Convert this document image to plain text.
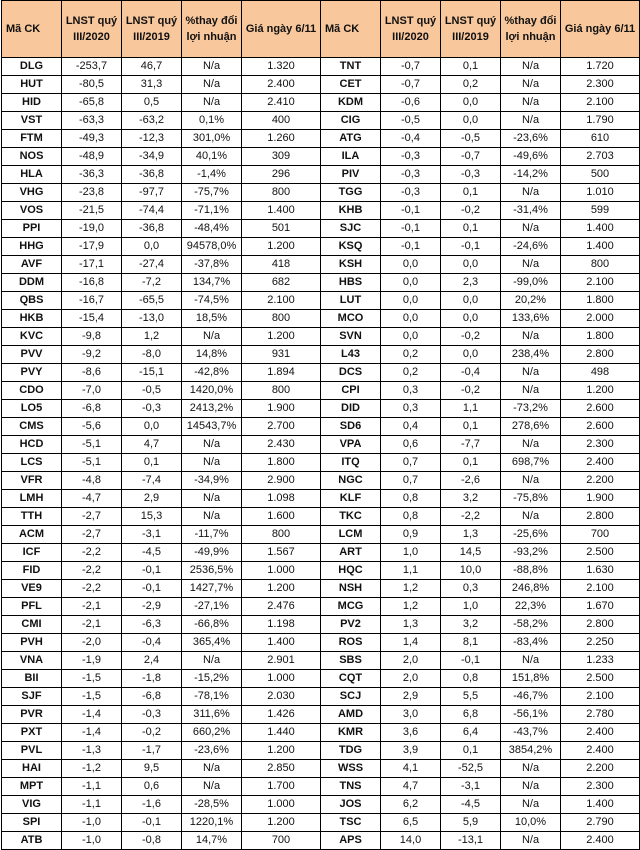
Mã CK	LNST quý III/2020	LNST quý III/2019	%thay đổi lợi nhuận	Giá ngày 6/11	Mã CK	LNST quý III/2020	LNST quý III/2019	%thay đổi lợi nhuận	Giá ngày 6/11
DLG	-253,7	46,7	N/a	1.320	TNT	-0,7	0,1	N/a	1.720
HUT	-80,5	31,3	N/a	2.400	CET	-0,7	0,2	N/a	2.300
HID	-65,8	0,5	N/a	2.410	KDM	-0,6	0,0	N/a	2.100
VST	-63,3	-63,2	0,1%	400	CIG	-0,5	0,0	N/a	1.790
FTM	-49,3	-12,3	301,0%	1.260	ATG	-0,4	-0,5	-23,6%	610
NOS	-48,9	-34,9	40,1%	309	ILA	-0,3	-0,7	-49,6%	2.703
HLA	-36,3	-36,8	-1,4%	296	PIV	-0,3	-0,3	-14,2%	500
VHG	-23,8	-97,7	-75,7%	800	TGG	-0,3	0,1	N/a	1.010
VOS	-21,5	-74,4	-71,1%	1.400	KHB	-0,1	-0,2	-31,4%	599
PPI	-19,0	-36,8	-48,4%	501	SJC	-0,1	0,1	N/a	1.400
HHG	-17,9	0,0	94578,0%	1.200	KSQ	-0,1	-0,1	-24,6%	1.400
AVF	-17,1	-27,4	-37,8%	418	KSH	0,0	0,0	N/a	800
DDM	-16,8	-7,2	134,7%	682	HBS	0,0	2,3	-99,0%	2.100
QBS	-16,7	-65,5	-74,5%	2.100	LUT	0,0	0,0	20,2%	1.800
HKB	-15,4	-13,0	18,5%	800	MCO	0,0	0,0	133,6%	2.000
KVC	-9,8	1,2	N/a	1.200	SVN	0,0	-0,2	N/a	1.800
PVV	-9,2	-8,0	14,8%	931	L43	0,2	0,0	238,4%	2.800
PVY	-8,6	-15,1	-42,8%	1.894	DCS	0,2	-0,4	N/a	498
CDO	-7,0	-0,5	1420,0%	800	CPI	0,3	-0,2	N/a	1.200
LO5	-6,8	-0,3	2413,2%	1.900	DID	0,3	1,1	-73,2%	2.600
CMS	-5,6	0,0	14543,7%	2.700	SD6	0,4	0,1	278,6%	2.600
HCD	-5,1	4,7	N/a	2.430	VPA	0,6	-7,7	N/a	2.300
LCS	-5,1	0,1	N/a	1.800	ITQ	0,7	0,1	698,7%	2.400
VFR	-4,8	-7,4	-34,9%	2.900	NGC	0,7	-2,6	N/a	2.200
LMH	-4,7	2,9	N/a	1.098	KLF	0,8	3,2	-75,8%	1.900
TTH	-2,7	15,3	N/a	1.600	TKC	0,8	-2,2	N/a	2.800
ACM	-2,7	-3,1	-11,7%	800	LCM	0,9	1,3	-25,6%	700
ICF	-2,2	-4,5	-49,9%	1.567	ART	1,0	14,5	-93,2%	2.500
FID	-2,2	-0,1	2536,5%	1.000	HQC	1,1	10,0	-88,8%	1.630
VE9	-2,2	-0,1	1427,7%	1.200	NSH	1,2	0,3	246,8%	2.100
PFL	-2,1	-2,9	-27,1%	2.476	MCG	1,2	1,0	22,3%	1.670
CMI	-2,1	-6,3	-66,8%	1.198	PV2	1,3	3,2	-58,2%	2.800
PVH	-2,0	-0,4	365,4%	1.400	ROS	1,4	8,1	-83,4%	2.250
VNA	-1,9	2,4	N/a	2.901	SBS	2,0	-0,1	N/a	1.233
BII	-1,5	-1,8	-15,2%	1.000	CQT	2,0	0,8	151,8%	2.500
SJF	-1,5	-6,8	-78,1%	2.030	SCJ	2,9	5,5	-46,7%	2.100
PVR	-1,4	-0,3	311,6%	1.426	AMD	3,0	6,8	-56,1%	2.780
PXT	-1,4	-0,2	660,2%	1.440	KMR	3,6	6,4	-43,7%	2.400
PVL	-1,3	-1,7	-23,6%	1.200	TDG	3,9	0,1	3854,2%	2.400
HAI	-1,2	9,5	N/a	2.850	WSS	4,1	-52,5	N/a	2.200
MPT	-1,1	0,6	N/a	1.700	TNS	4,7	-3,1	N/a	2.300
VIG	-1,1	-1,6	-28,5%	1.000	JOS	6,2	-4,5	N/a	1.400
SPI	-1,0	-0,1	1220,1%	1.200	TSC	6,5	5,9	10,0%	2.790
ATB	-1,0	-0,8	14,7%	700	APS	14,0	-13,1	N/a	2.400
